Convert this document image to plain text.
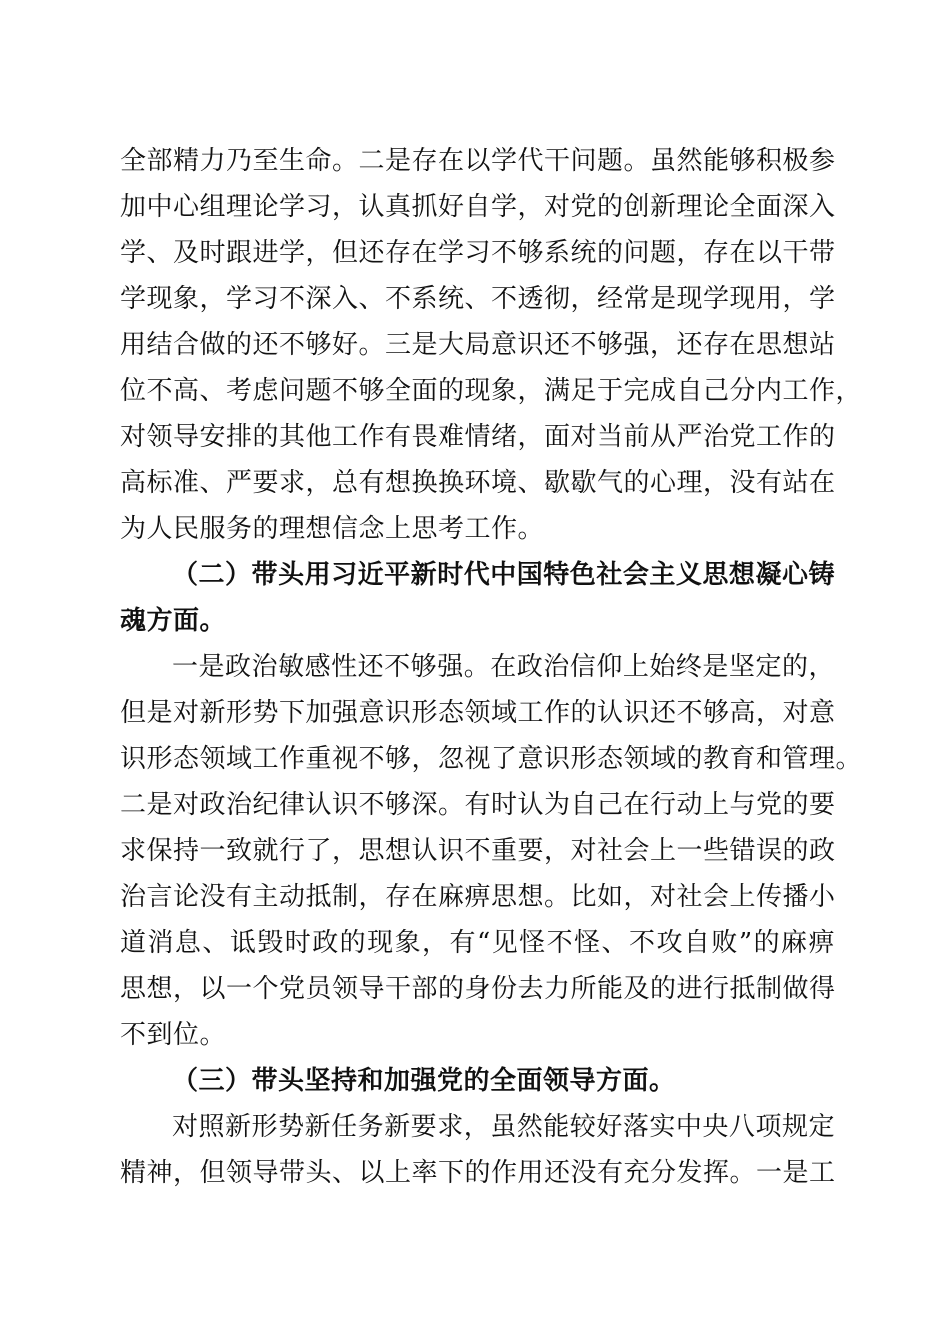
全部精力乃至生命。二是存在以学代干问题。虽然能够积极参
加中心组理论学习，认真抓好自学，对党的创新理论全面深入
学、及时跟进学，但还存在学习不够系统的问题，存在以干带
学现象，学习不深入、不系统、不透彻，经常是现学现用，学
用结合做的还不够好。三是大局意识还不够强，还存在思想站
位不高、考虑问题不够全面的现象，满足于完成自己分内工作，
对领导安排的其他工作有畏难情绪，面对当前从严治党工作的
高标准、严要求，总有想换换环境、歇歇气的心理，没有站在
为人民服务的理想信念上思考工作。
（二）带头用习近平新时代中国特色社会主义思想凝心铸
魂方面。
一是政治敏感性还不够强。在政治信仰上始终是坚定的，
但是对新形势下加强意识形态领域工作的认识还不够高，对意
识形态领域工作重视不够，忽视了意识形态领域的教育和管理。
二是对政治纪律认识不够深。有时认为自己在行动上与党的要
求保持一致就行了，思想认识不重要，对社会上一些错误的政
治言论没有主动抵制，存在麻痹思想。比如，对社会上传播小
道消息、诋毁时政的现象，有“见怪不怪、不攻自败”的麻痹
思想，以一个党员领导干部的身份去力所能及的进行抵制做得
不到位。
（三）带头坚持和加强党的全面领导方面。
对照新形势新任务新要求，虽然能较好落实中央八项规定
精神，但领导带头、以上率下的作用还没有充分发挥。一是工
